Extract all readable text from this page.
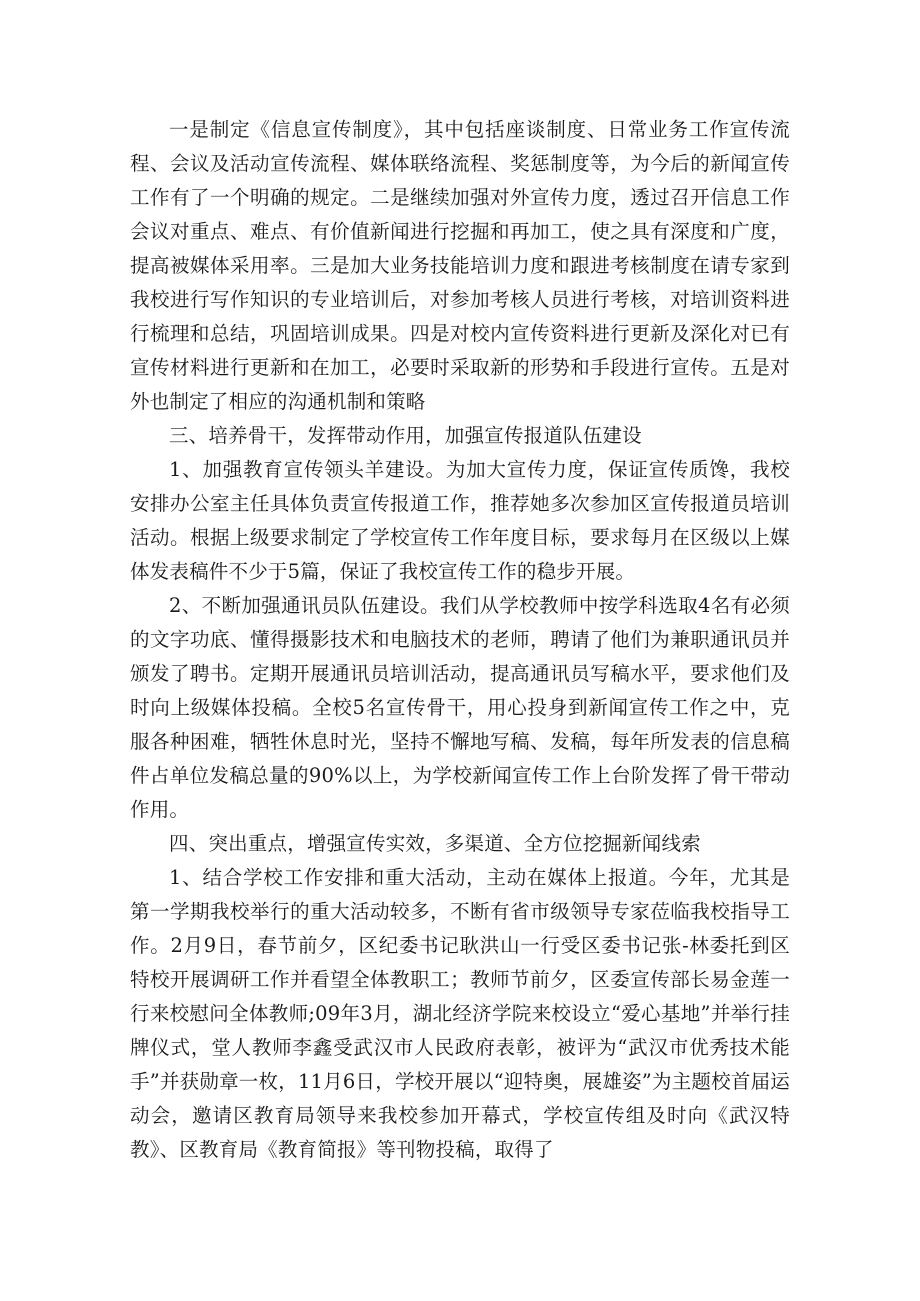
一是制定《信息宣传制度》，其中包括座谈制度、日常业务工作宣传流程、会议及活动宣传流程、媒体联络流程、奖惩制度等，为今后的新闻宣传工作有了一个明确的规定。二是继续加强对外宣传力度，透过召开信息工作会议对重点、难点、有价值新闻进行挖掘和再加工，使之具有深度和广度，提高被媒体采用率。三是加大业务技能培训力度和跟进考核制度在请专家到我校进行写作知识的专业培训后，对参加考核人员进行考核，对培训资料进行梳理和总结，巩固培训成果。四是对校内宣传资料进行更新及深化对已有宣传材料进行更新和在加工，必要时采取新的形势和手段进行宣传。五是对外也制定了相应的沟通机制和策略

三、培养骨干，发挥带动作用，加强宣传报道队伍建设

1、加强教育宣传领头羊建设。为加大宣传力度，保证宣传质馋，我校安排办公室主任具体负责宣传报道工作，推荐她多次参加区宣传报道员培训活动。根据上级要求制定了学校宣传工作年度目标，要求每月在区级以上媒体发表稿件不少于5篇，保证了我校宣传工作的稳步开展。

2、不断加强通讯员队伍建设。我们从学校教师中按学科选取4名有必须的文字功底、懂得摄影技术和电脑技术的老师，聘请了他们为兼职通讯员并颁发了聘书。定期开展通讯员培训活动，提高通讯员写稿水平，要求他们及时向上级媒体投稿。全校5名宣传骨干，用心投身到新闻宣传工作之中，克服各种困难，牺牲休息时光，坚持不懈地写稿、发稿，每年所发表的信息稿件占单位发稿总量的90%以上，为学校新闻宣传工作上台阶发挥了骨干带动作用。

四、突出重点，增强宣传实效，多渠道、全方位挖掘新闻线索

1、结合学校工作安排和重大活动，主动在媒体上报道。今年，尤其是第一学期我校举行的重大活动较多，不断有省市级领导专家莅临我校指导工作。2月9日，春节前夕，区纪委书记耿洪山一行受区委书记张-林委托到区特校开展调研工作并看望全体教职工；教师节前夕，区委宣传部长易金莲一行来校慰问全体教师;09年3月，湖北经济学院来校设立“爱心基地”并举行挂牌仪式，堂人教师李鑫受武汉市人民政府表彰，被评为“武汉市优秀技术能手”并获勋章一枚，11月6日，学校开展以“迎特奥，展雄姿”为主题校首届运动会，邀请区教育局领导来我校参加开幕式，学校宣传组及时向《武汉特教》、区教育局《教育简报》等刊物投稿，取得了
